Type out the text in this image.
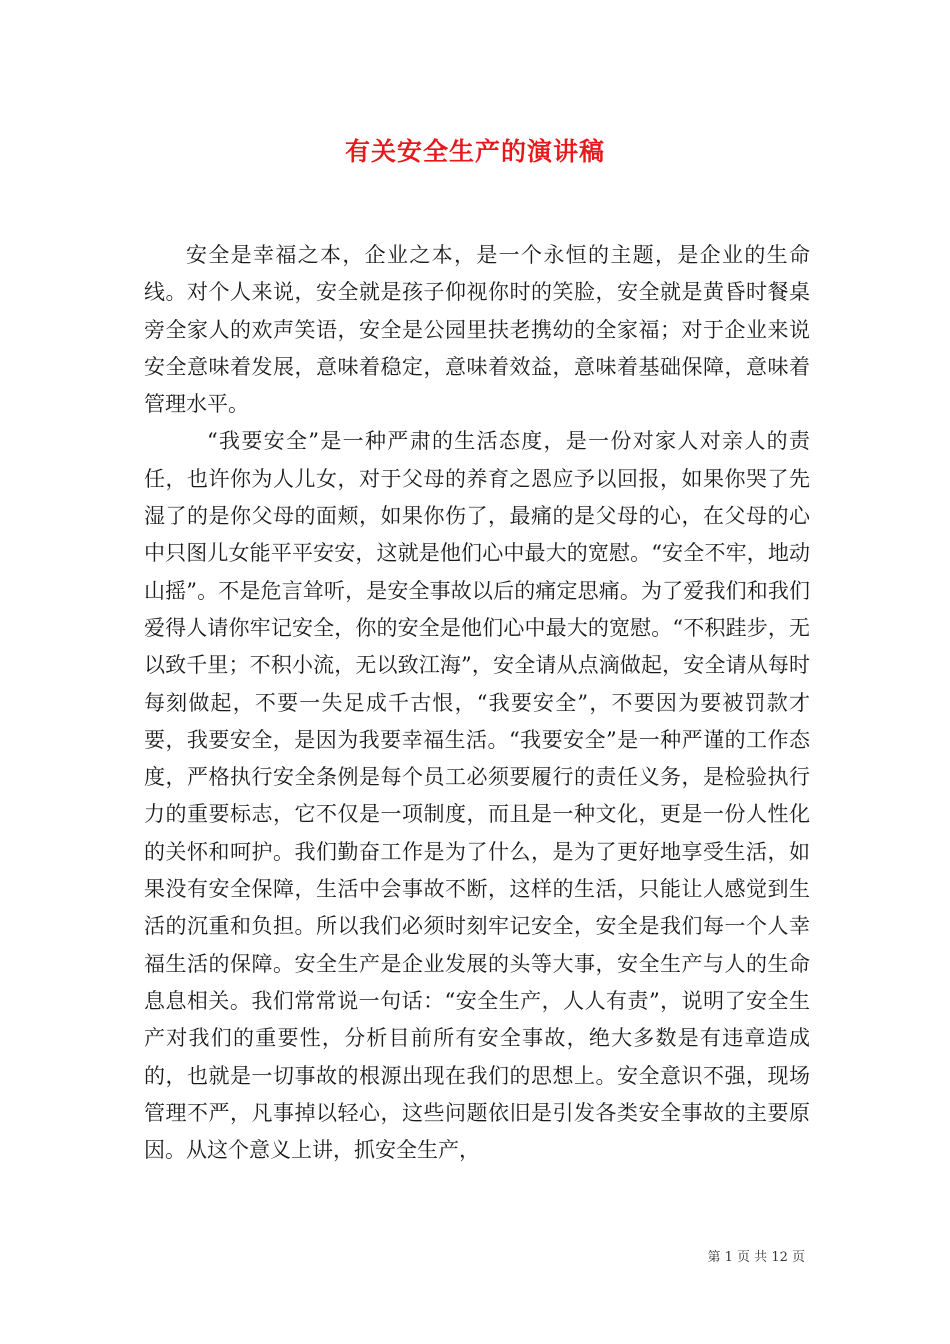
有关安全生产的演讲稿

安全是幸福之本，企业之本，是一个永恒的主题，是企业的生命线。对个人来说，安全就是孩子仰视你时的笑脸，安全就是黄昏时餐桌旁全家人的欢声笑语，安全是公园里扶老携幼的全家福；对于企业来说安全意味着发展，意味着稳定，意味着效益，意味着基础保障，意味着管理水平。

“我要安全”是一种严肃的生活态度，是一份对家人对亲人的责任，也许你为人儿女，对于父母的养育之恩应予以回报，如果你哭了先湿了的是你父母的面颊，如果你伤了，最痛的是父母的心，在父母的心中只图儿女能平平安安，这就是他们心中最大的宽慰。“安全不牢，地动山摇”。不是危言耸听，是安全事故以后的痛定思痛。为了爱我们和我们爱得人请你牢记安全，你的安全是他们心中最大的宽慰。“不积跬步，无以致千里；不积小流，无以致江海”，安全请从点滴做起，安全请从每时每刻做起，不要一失足成千古恨，“我要安全”，不要因为要被罚款才要，我要安全，是因为我要幸福生活。“我要安全”是一种严谨的工作态度，严格执行安全条例是每个员工必须要履行的责任义务，是检验执行力的重要标志，它不仅是一项制度，而且是一种文化，更是一份人性化的关怀和呵护。我们勤奋工作是为了什么，是为了更好地享受生活，如果没有安全保障，生活中会事故不断，这样的生活，只能让人感觉到生活的沉重和负担。所以我们必须时刻牢记安全，安全是我们每一个人幸福生活的保障。安全生产是企业发展的头等大事，安全生产与人的生命息息相关。我们常常说一句话：“安全生产，人人有责”，说明了安全生产对我们的重要性，分析目前所有安全事故，绝大多数是有违章造成的，也就是一切事故的根源出现在我们的思想上。安全意识不强，现场管理不严，凡事掉以轻心，这些问题依旧是引发各类安全事故的主要原因。从这个意义上讲，抓安全生产，

第 1 页 共 12 页
